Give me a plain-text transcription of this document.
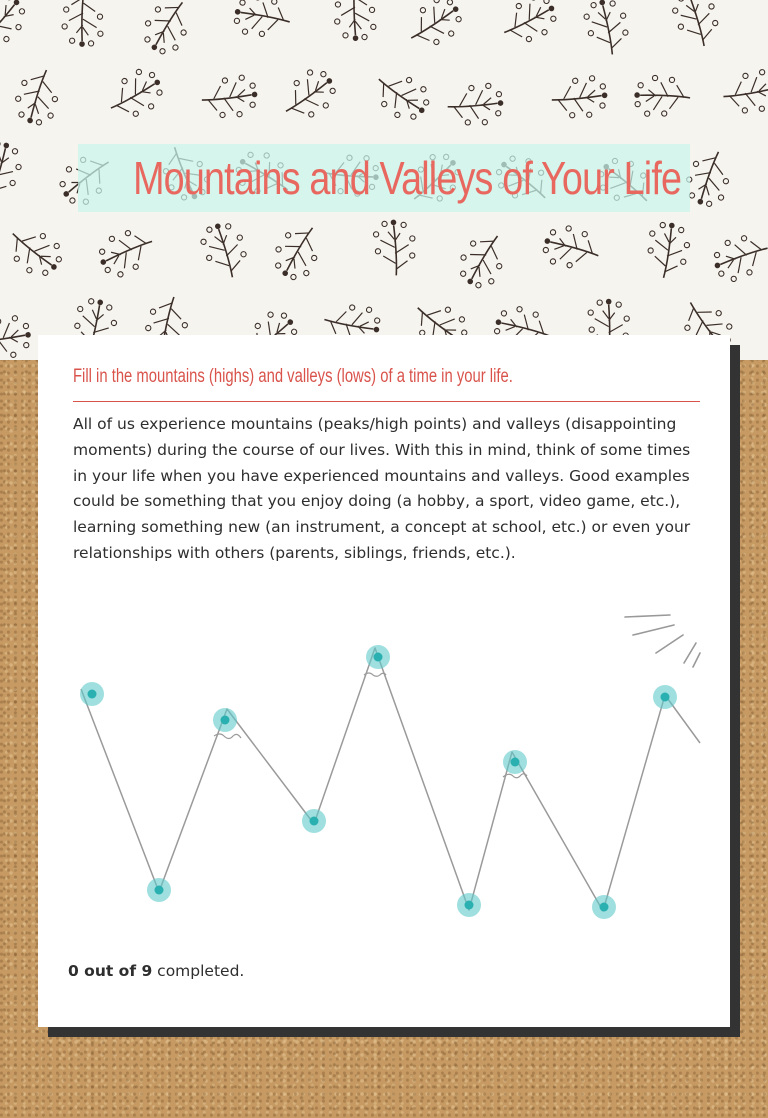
Mountains and Valleys of Your Life

Fill in the mountains (highs) and valleys (lows) of a time in your life.

All of us experience mountains (peaks/high points) and valleys (disappointing moments) during the course of our lives. With this in mind, think of some times in your life when you have experienced mountains and valleys. Good examples could be something that you enjoy doing (a hobby, a sport, video game, etc.), learning something new (an instrument, a concept at school, etc.) or even your relationships with others (parents, siblings, friends, etc.).

0 out of 9 completed.
